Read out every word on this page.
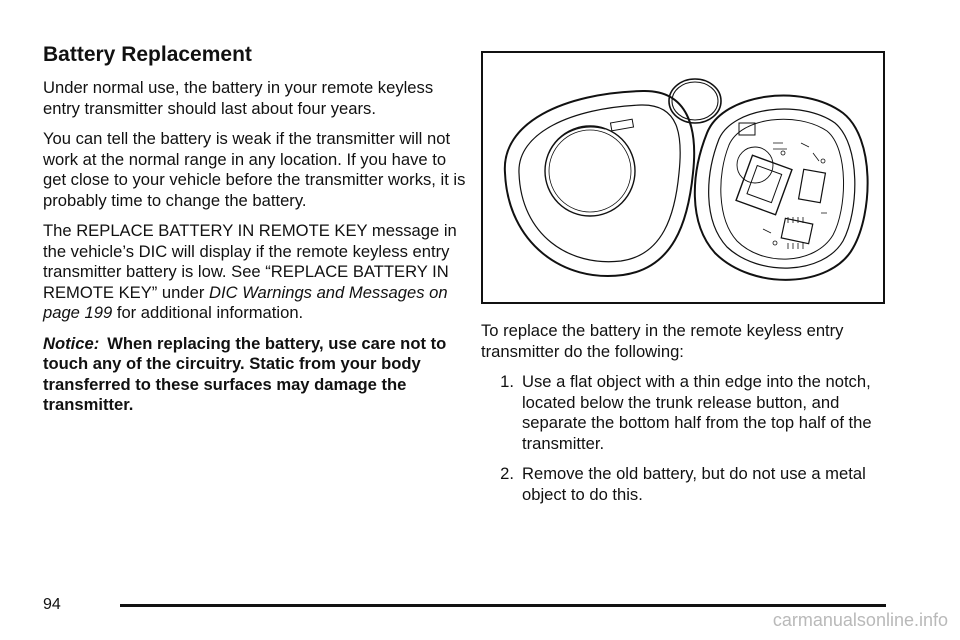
Battery Replacement

Under normal use, the battery in your remote keyless entry transmitter should last about four years.

You can tell the battery is weak if the transmitter will not work at the normal range in any location. If you have to get close to your vehicle before the transmitter works, it is probably time to change the battery.

The REPLACE BATTERY IN REMOTE KEY message in the vehicle’s DIC will display if the remote keyless entry transmitter battery is low. See “REPLACE BATTERY IN REMOTE KEY” under DIC Warnings and Messages on page 199 for additional information.

Notice: When replacing the battery, use care not to touch any of the circuitry. Static from your body transferred to these surfaces may damage the transmitter.

To replace the battery in the remote keyless entry transmitter do the following:

1. Use a flat object with a thin edge into the notch, located below the trunk release button, and separate the bottom half from the top half of the transmitter.
2. Remove the old battery, but do not use a metal object to do this.
94
carmanualsonline.info
